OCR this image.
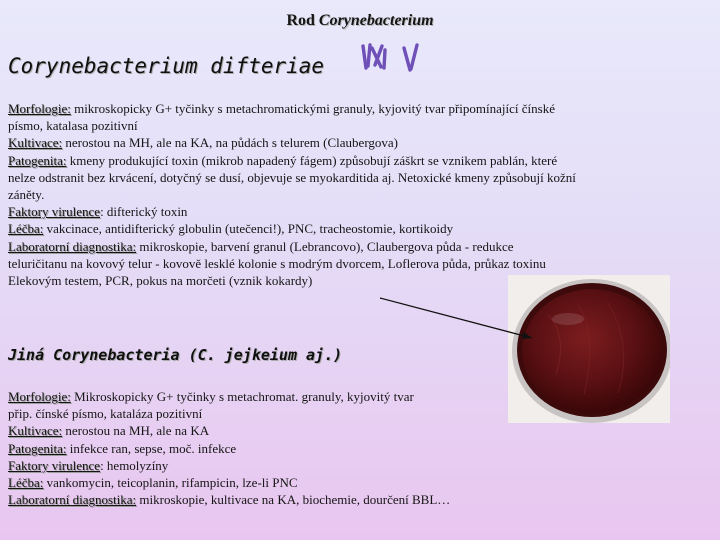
Rod Corynebacterium
Corynebacterium difteriae
Morfologie: mikroskopicky G+ tyčinky s metachromatickými granuly, kyjovitý tvar připomínající čínské
písmo, katalasa pozitivní
Kultivace: nerostou na MH, ale na KA, na půdách s telurem (Claubergova)
Patogenita: kmeny produkující toxin (mikrob napadený fágem) způsobují záškrt se vznikem pablán, které
nelze odstranit bez krvácení, dotyčný se dusí, objevuje se myokarditida aj. Netoxické kmeny způsobují kožní
záněty.
Faktory virulence: difterický toxin
Léčba: vakcinace, antidifterický globulin (utečenci!), PNC, tracheostomie, kortikoidy
Laboratorní diagnostika: mikroskopie, barvení granul (Lebrancovo), Claubergova půda - redukce
teluričitanu na kovový telur - kovově lesklé kolonie s modrým dvorcem, Loflerova půda, průkaz toxinu
Elekovým testem, PCR, pokus na morčeti (vznik kokardy)
Jiná Corynebacteria (C. jejkeium aj.)
Morfologie: Mikroskopicky G+ tyčinky s metachromat. granuly, kyjovitý tvar
přip. čínské písmo, kataláza pozitivní
Kultivace: nerostou na MH, ale na KA
Patogenita: infekce ran, sepse, moč. infekce
Faktory virulence: hemolyzíny
Léčba: vankomycin, teicoplanin, rifampicin, lze-li PNC
Laboratorní diagnostika: mikroskopie, kultivace na KA, biochemie, dourčení BBL…
